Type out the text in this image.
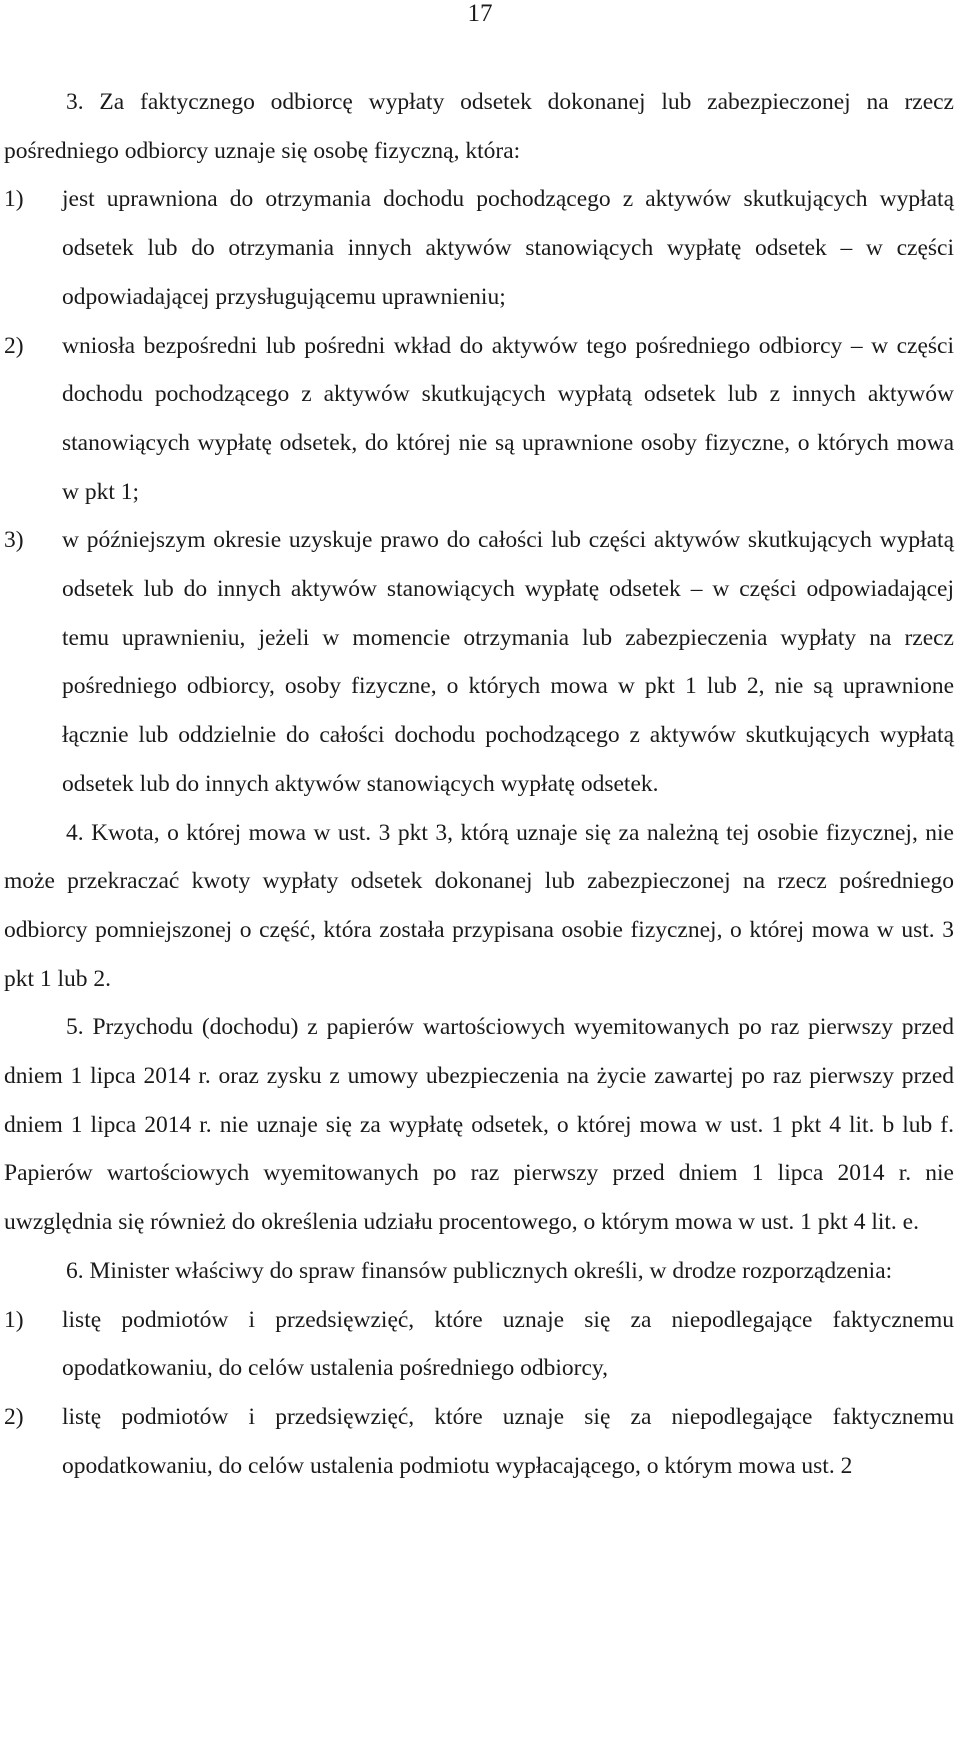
17

3. Za faktycznego odbiorcę wypłaty odsetek dokonanej lub zabezpieczonej na rzecz pośredniego odbiorcy uznaje się osobę fizyczną, która:

1)	jest uprawniona do otrzymania dochodu pochodzącego z aktywów skutkujących wypłatą odsetek lub do otrzymania innych aktywów stanowiących wypłatę odsetek – w części odpowiadającej przysługującemu uprawnieniu;
2)	wniosła bezpośredni lub pośredni wkład do aktywów tego pośredniego odbiorcy – w części dochodu pochodzącego z aktywów skutkujących wypłatą odsetek lub z innych aktywów stanowiących wypłatę odsetek, do której nie są uprawnione osoby fizyczne, o których mowa w pkt 1;
3)	w późniejszym okresie uzyskuje prawo do całości lub części aktywów skutkujących wypłatą odsetek lub do innych aktywów stanowiących wypłatę odsetek – w części odpowiadającej temu uprawnieniu, jeżeli w momencie otrzymania lub zabezpieczenia wypłaty na rzecz pośredniego odbiorcy, osoby fizyczne, o których mowa w pkt 1 lub 2, nie są uprawnione łącznie lub oddzielnie do całości dochodu pochodzącego z aktywów skutkujących wypłatą odsetek lub do innych aktywów stanowiących wypłatę odsetek.

4. Kwota, o której mowa w ust. 3 pkt 3, którą uznaje się za należną tej osobie fizycznej, nie może przekraczać kwoty wypłaty odsetek dokonanej lub zabezpieczonej na rzecz pośredniego odbiorcy pomniejszonej o część, która została przypisana osobie fizycznej, o której mowa w ust. 3 pkt 1 lub 2.

5. Przychodu (dochodu) z papierów wartościowych wyemitowanych po raz pierwszy przed dniem 1 lipca 2014 r. oraz zysku z umowy ubezpieczenia na życie zawartej po raz pierwszy przed dniem 1 lipca 2014 r. nie uznaje się za wypłatę odsetek, o której mowa w ust. 1 pkt 4 lit. b lub f. Papierów wartościowych wyemitowanych po raz pierwszy przed dniem 1 lipca 2014 r. nie uwzględnia się również do określenia udziału procentowego, o którym mowa w ust. 1 pkt 4 lit. e.

6. Minister właściwy do spraw finansów publicznych określi, w drodze rozporządzenia:

1)	listę podmiotów i przedsięwzięć, które uznaje się za niepodlegające faktycznemu opodatkowaniu, do celów ustalenia pośredniego odbiorcy,
2)	listę podmiotów i przedsięwzięć, które uznaje się za niepodlegające faktycznemu opodatkowaniu, do celów ustalenia podmiotu wypłacającego, o którym mowa ust. 2
